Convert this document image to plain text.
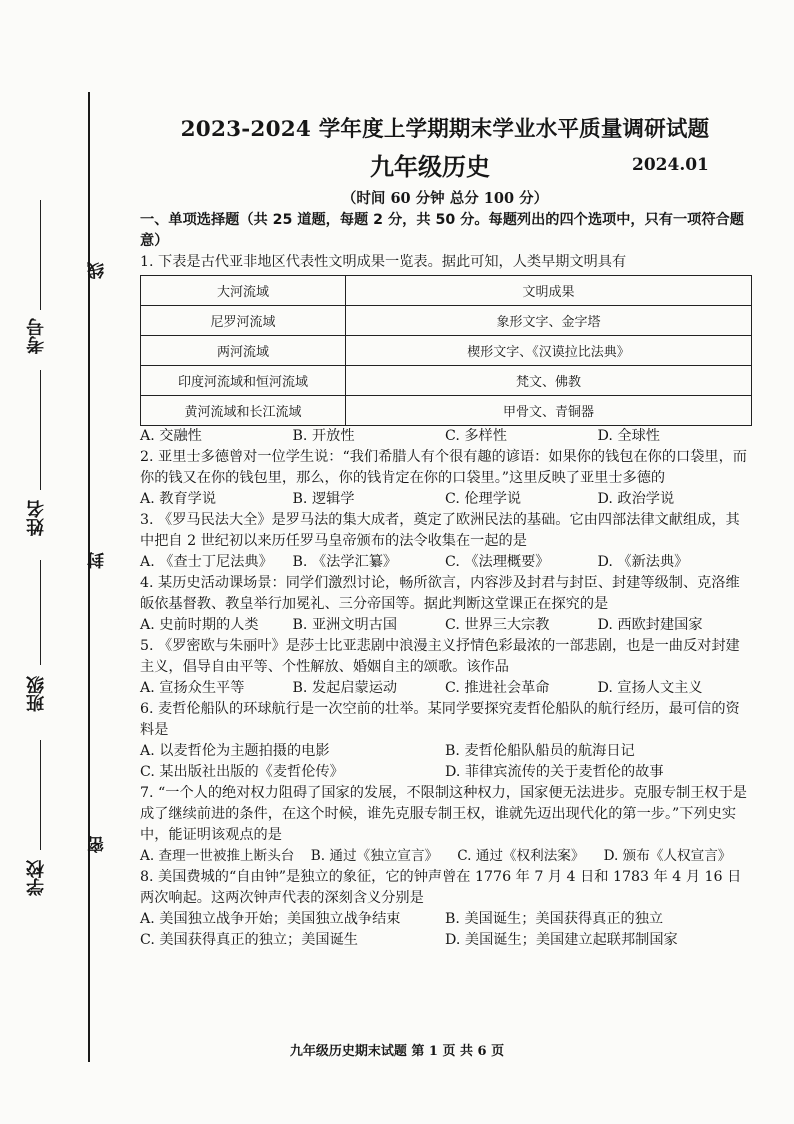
考号
姓名
班级
学校
线
封
密
2023-2024 学年度上学期期末学业水平质量调研试题
九年级历史	2024.01
（时间 60 分钟 总分 100 分）
一、单项选择题（共 25 道题，每题 2 分，共 50 分。每题列出的四个选项中，只有一项符合题意）

1. 下表是古代亚非地区代表性文明成果一览表。据此可知，人类早期文明具有

大河流域	文明成果
尼罗河流域	象形文字、金字塔
两河流域	楔形文字、《汉谟拉比法典》
印度河流域和恒河流域	梵文、佛教
黄河流域和长江流域	甲骨文、青铜器
A. 交融性	B. 开放性	C. 多样性	D. 全球性

2. 亚里士多德曾对一位学生说：“我们希腊人有个很有趣的谚语：如果你的钱包在你的口袋里，而你的钱又在你的钱包里，那么，你的钱肯定在你的口袋里。”这里反映了亚里士多德的

A. 教育学说	B. 逻辑学	C. 伦理学说	D. 政治学说

3. 《罗马民法大全》是罗马法的集大成者，奠定了欧洲民法的基础。它由四部法律文献组成，其中把自 2 世纪初以来历任罗马皇帝颁布的法令收集在一起的是

A. 《查士丁尼法典》	B. 《法学汇纂》	C. 《法理概要》	D. 《新法典》

4. 某历史活动课场景：同学们激烈讨论，畅所欲言，内容涉及封君与封臣、封建等级制、克洛维皈依基督教、教皇举行加冕礼、三分帝国等。据此判断这堂课正在探究的是

A. 史前时期的人类	B. 亚洲文明古国	C. 世界三大宗教	D. 西欧封建国家

5. 《罗密欧与朱丽叶》是莎士比亚悲剧中浪漫主义抒情色彩最浓的一部悲剧，也是一曲反对封建主义，倡导自由平等、个性解放、婚姻自主的颂歌。该作品

A. 宣扬众生平等	B. 发起启蒙运动	C. 推进社会革命	D. 宣扬人文主义

6. 麦哲伦船队的环球航行是一次空前的壮举。某同学要探究麦哲伦船队的航行经历，最可信的资料是

A. 以麦哲伦为主题拍摄的电影	B. 麦哲伦船队船员的航海日记
C. 某出版社出版的《麦哲伦传》	D. 菲律宾流传的关于麦哲伦的故事

7. “一个人的绝对权力阻碍了国家的发展，不限制这种权力，国家便无法进步。克服专制王权于是成了继续前进的条件，在这个时候，谁先克服专制王权，谁就先迈出现代化的第一步。”下列史实中，能证明该观点的是

A. 查理一世被推上断头台	B. 通过《独立宣言》	C. 通过《权利法案》	D. 颁布《人权宣言》

8. 美国费城的“自由钟”是独立的象征，它的钟声曾在 1776 年 7 月 4 日和 1783 年 4 月 16 日两次响起。这两次钟声代表的深刻含义分别是

A. 美国独立战争开始；美国独立战争结束	B. 美国诞生；美国获得真正的独立
C. 美国获得真正的独立；美国诞生	D. 美国诞生；美国建立起联邦制国家
九年级历史期末试题 第 1 页 共 6 页
